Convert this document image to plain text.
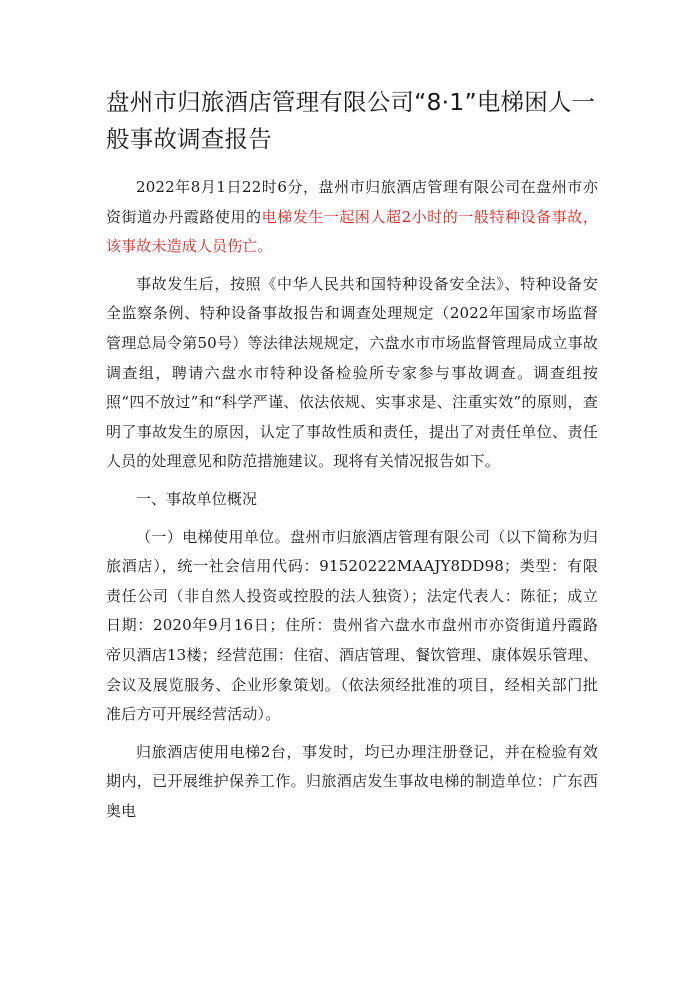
盘州市归旅酒店管理有限公司“8·1”电梯困人一般事故调查报告

2022年8月1日22时6分，盘州市归旅酒店管理有限公司在盘州市亦资街道办丹霞路使用的电梯发生一起困人超2小时的一般特种设备事故，该事故未造成人员伤亡。

事故发生后，按照《中华人民共和国特种设备安全法》、特种设备安全监察条例、特种设备事故报告和调查处理规定（2022年国家市场监督管理总局令第50号）等法律法规规定，六盘水市市场监督管理局成立事故调查组，聘请六盘水市特种设备检验所专家参与事故调查。调查组按照“四不放过”和“科学严谨、依法依规、实事求是、注重实效”的原则，查明了事故发生的原因，认定了事故性质和责任，提出了对责任单位、责任人员的处理意见和防范措施建议。现将有关情况报告如下。

一、事故单位概况

（一）电梯使用单位。盘州市归旅酒店管理有限公司（以下简称为归旅酒店），统一社会信用代码：91520222MAAJY8DD98；类型：有限责任公司（非自然人投资或控股的法人独资）；法定代表人：陈征；成立日期：2020年9月16日；住所：贵州省六盘水市盘州市亦资街道丹霞路帝贝酒店13楼；经营范围：住宿、酒店管理、餐饮管理、康体娱乐管理、会议及展览服务、企业形象策划。（依法须经批准的项目，经相关部门批准后方可开展经营活动）。

归旅酒店使用电梯2台，事发时，均已办理注册登记，并在检验有效期内，已开展维护保养工作。归旅酒店发生事故电梯的制造单位：广东西奥电
